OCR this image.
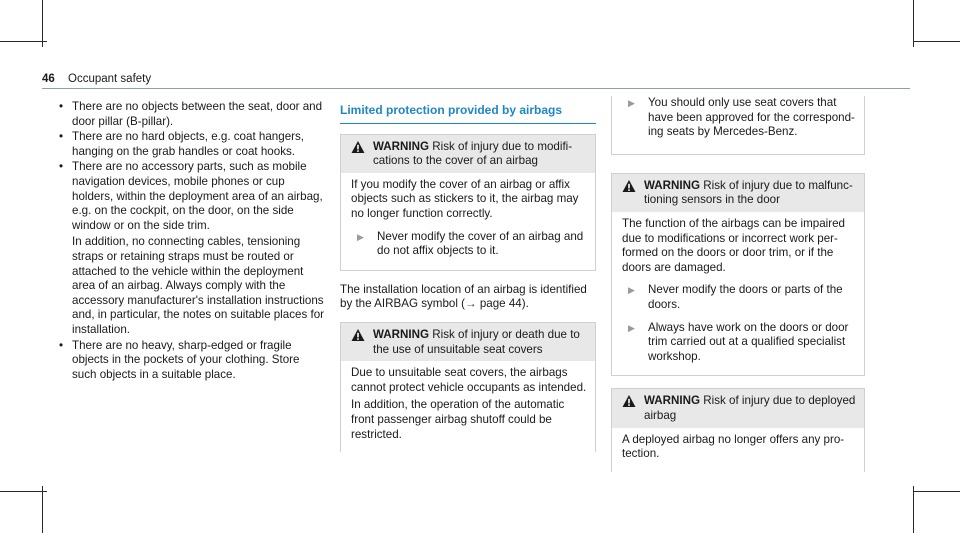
46 Occupant safety
• There are no objects between the seat, door and door pillar (B-pillar).

• There are no hard objects, e.g. coat hangers, hanging on the grab handles or coat hooks.

• There are no accessory parts, such as mobile navigation devices, mobile phones or cup holders, within the deployment area of an airbag, e.g. on the cockpit, on the door, on the side window or on the side trim.

In addition, no connecting cables, tensioning straps or retaining straps must be routed or attached to the vehicle within the deployment area of an airbag. Always comply with the accessory manufacturer's installation instructions and, in particular, the notes on suitable places for installation.

• There are no heavy, sharp-edged or fragile objects in the pockets of your clothing. Store such objects in a suitable place.

Limited protection provided by airbags
WARNING Risk of injury due to modifications to the cover of an airbag

If you modify the cover of an airbag or affix objects such as stickers to it, the airbag may no longer function correctly.

▶	Never modify the cover of an airbag and do not affix objects to it.

The installation location of an airbag is identified by the AIRBAG symbol (→ page 44).

WARNING Risk of injury or death due to the use of unsuitable seat covers

Due to unsuitable seat covers, the airbags cannot protect vehicle occupants as intended.

In addition, the operation of the automatic front passenger airbag shutoff could be restricted.

▶	You should only use seat covers that have been approved for the corresponding seats by Mercedes-Benz.
WARNING Risk of injury due to malfunctioning sensors in the door

The function of the airbags can be impaired due to modifications or incorrect work performed on the doors or door trim, or if the doors are damaged.

▶	Never modify the doors or parts of the doors.
▶	Always have work on the doors or door trim carried out at a qualified specialist workshop.
WARNING Risk of injury due to deployed airbag

A deployed airbag no longer offers any protection.
